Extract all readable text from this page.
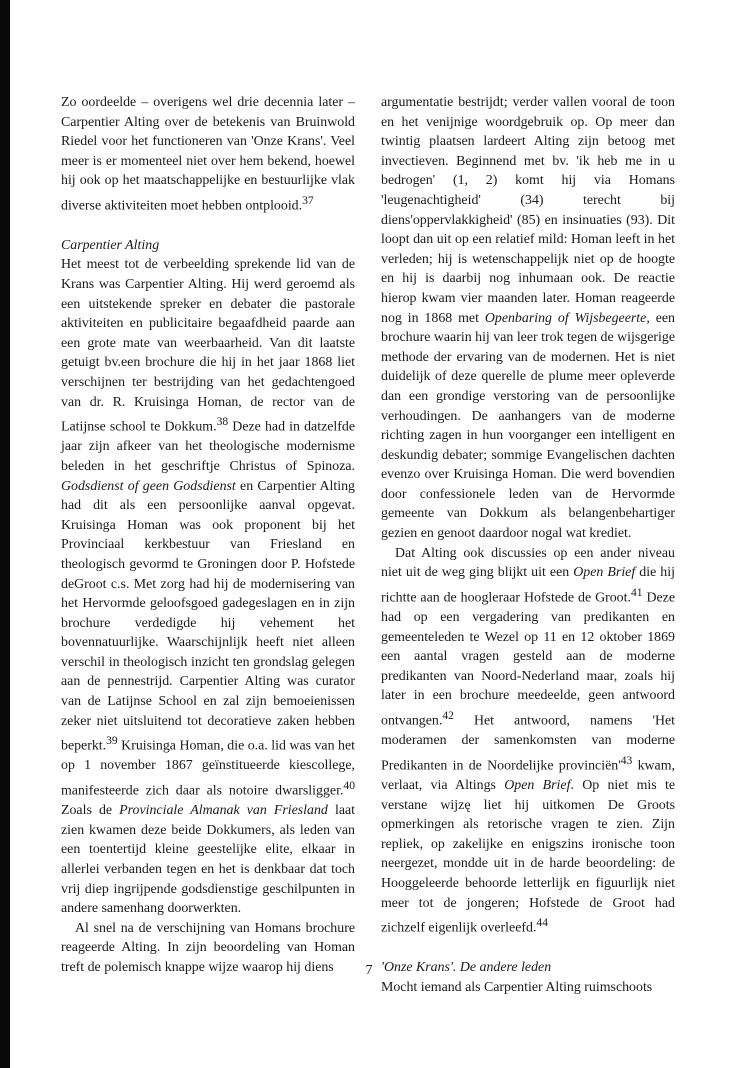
Zo oordeelde – overigens wel drie decennia later – Carpentier Alting over de betekenis van Bruinwold Riedel voor het functioneren van 'Onze Krans'. Veel meer is er momenteel niet over hem bekend, hoewel hij ook op het maatschappelijke en bestuurlijke vlak diverse aktiviteiten moet hebben ontplooid.$^{37}$

Carpentier Alting

Het meest tot de verbeelding sprekende lid van de Krans was Carpentier Alting. Hij werd geroemd als een uitstekende spreker en debater die pastorale aktiviteiten en publicitaire begaafdheid paarde aan een grote mate van weerbaarheid. Van dit laatste getuigt bv.een brochure die hij in het jaar 1868 liet verschijnen ter bestrijding van het gedachtengoed van dr. R. Kruisinga Homan, de rector van de Latijnse school te Dokkum.$^{38}$ Deze had in datzelfde jaar zijn afkeer van het theologische modernisme beleden in het geschriftje Christus of Spinoza. Godsdienst of geen Godsdienst en Carpentier Alting had dit als een persoonlijke aanval opgevat. Kruisinga Homan was ook proponent bij het Provinciaal kerkbestuur van Friesland en theologisch gevormd te Groningen door P. Hofstede deGroot c.s. Met zorg had hij de modernisering van het Hervormde geloofsgoed gadegeslagen en in zijn brochure verdedigde hij vehement het bovennatuurlijke. Waarschijnlijk heeft niet alleen verschil in theologisch inzicht ten grondslag gelegen aan de pennestrijd. Carpentier Alting was curator van de Latijnse School en zal zijn bemoeienissen zeker niet uitsluitend tot decoratieve zaken hebben beperkt.$^{39}$ Kruisinga Homan, die o.a. lid was van het op 1 november 1867 geïnstitueerde kiescollege, manifesteerde zich daar als notoire dwarsligger.$^{40}$ Zoals de Provinciale Almanak van Friesland laat zien kwamen deze beide Dokkumers, als leden van een toentertijd kleine geestelijke elite, elkaar in allerlei verbanden tegen en het is denkbaar dat toch vrij diep ingrijpende godsdienstige geschilpunten in andere samenhang doorwerkten.

Al snel na de verschijning van Homans brochure reageerde Alting. In zijn beoordeling van Homan treft de polemisch knappe wijze waarop hij diens

argumentatie bestrijdt; verder vallen vooral de toon en het venijnige woordgebruik op. Op meer dan twintig plaatsen lardeert Alting zijn betoog met invectieven. Beginnend met bv. 'ik heb me in u bedrogen' (1, 2) komt hij via Homans 'leugenachtigheid' (34) terecht bij diens'oppervlakkigheid' (85) en insinuaties (93). Dit loopt dan uit op een relatief mild: Homan leeft in het verleden; hij is wetenschappelijk niet op de hoogte en hij is daarbij nog inhumaan ook. De reactie hierop kwam vier maanden later. Homan reageerde nog in 1868 met Openbaring of Wijsbegeerte, een brochure waarin hij van leer trok tegen de wijsgerige methode der ervaring van de modernen. Het is niet duidelijk of deze querelle de plume meer opleverde dan een grondige verstoring van de persoonlijke verhoudingen. De aanhangers van de moderne richting zagen in hun voorganger een intelligent en deskundig debater; sommige Evangelischen dachten evenzo over Kruisinga Homan. Die werd bovendien door confessionele leden van de Hervormde gemeente van Dokkum als belangenbehartiger gezien en genoot daardoor nogal wat krediet.

Dat Alting ook discussies op een ander niveau niet uit de weg ging blijkt uit een Open Brief die hij richtte aan de hoogleraar Hofstede de Groot.$^{41}$ Deze had op een vergadering van predikanten en gemeenteleden te Wezel op 11 en 12 oktober 1869 een aantal vragen gesteld aan de moderne predikanten van Noord-Nederland maar, zoals hij later in een brochure meedeelde, geen antwoord ontvangen.$^{42}$ Het antwoord, namens 'Het moderamen der samenkomsten van moderne Predikanten in de Noordelijke $provinciën'^{43}$ kwam, verlaat, via Altings Open Brief. Op niet mis te verstane wijzę liet hij uitkomen De Groots opmerkingen als retorische vragen te zien. Zijn repliek, op zakelijke en enigszins ironische toon neergezet, mondde uit in de harde beoordeling: de Hooggeleerde behoorde letterlijk en figuurlijk niet meer tot de jongeren; Hofstede de Groot had zichzelf eigenlijk overleefd.$^{44}$

'Onze Krans'. De andere leden

Mocht iemand als Carpentier Alting ruimschoots

7
